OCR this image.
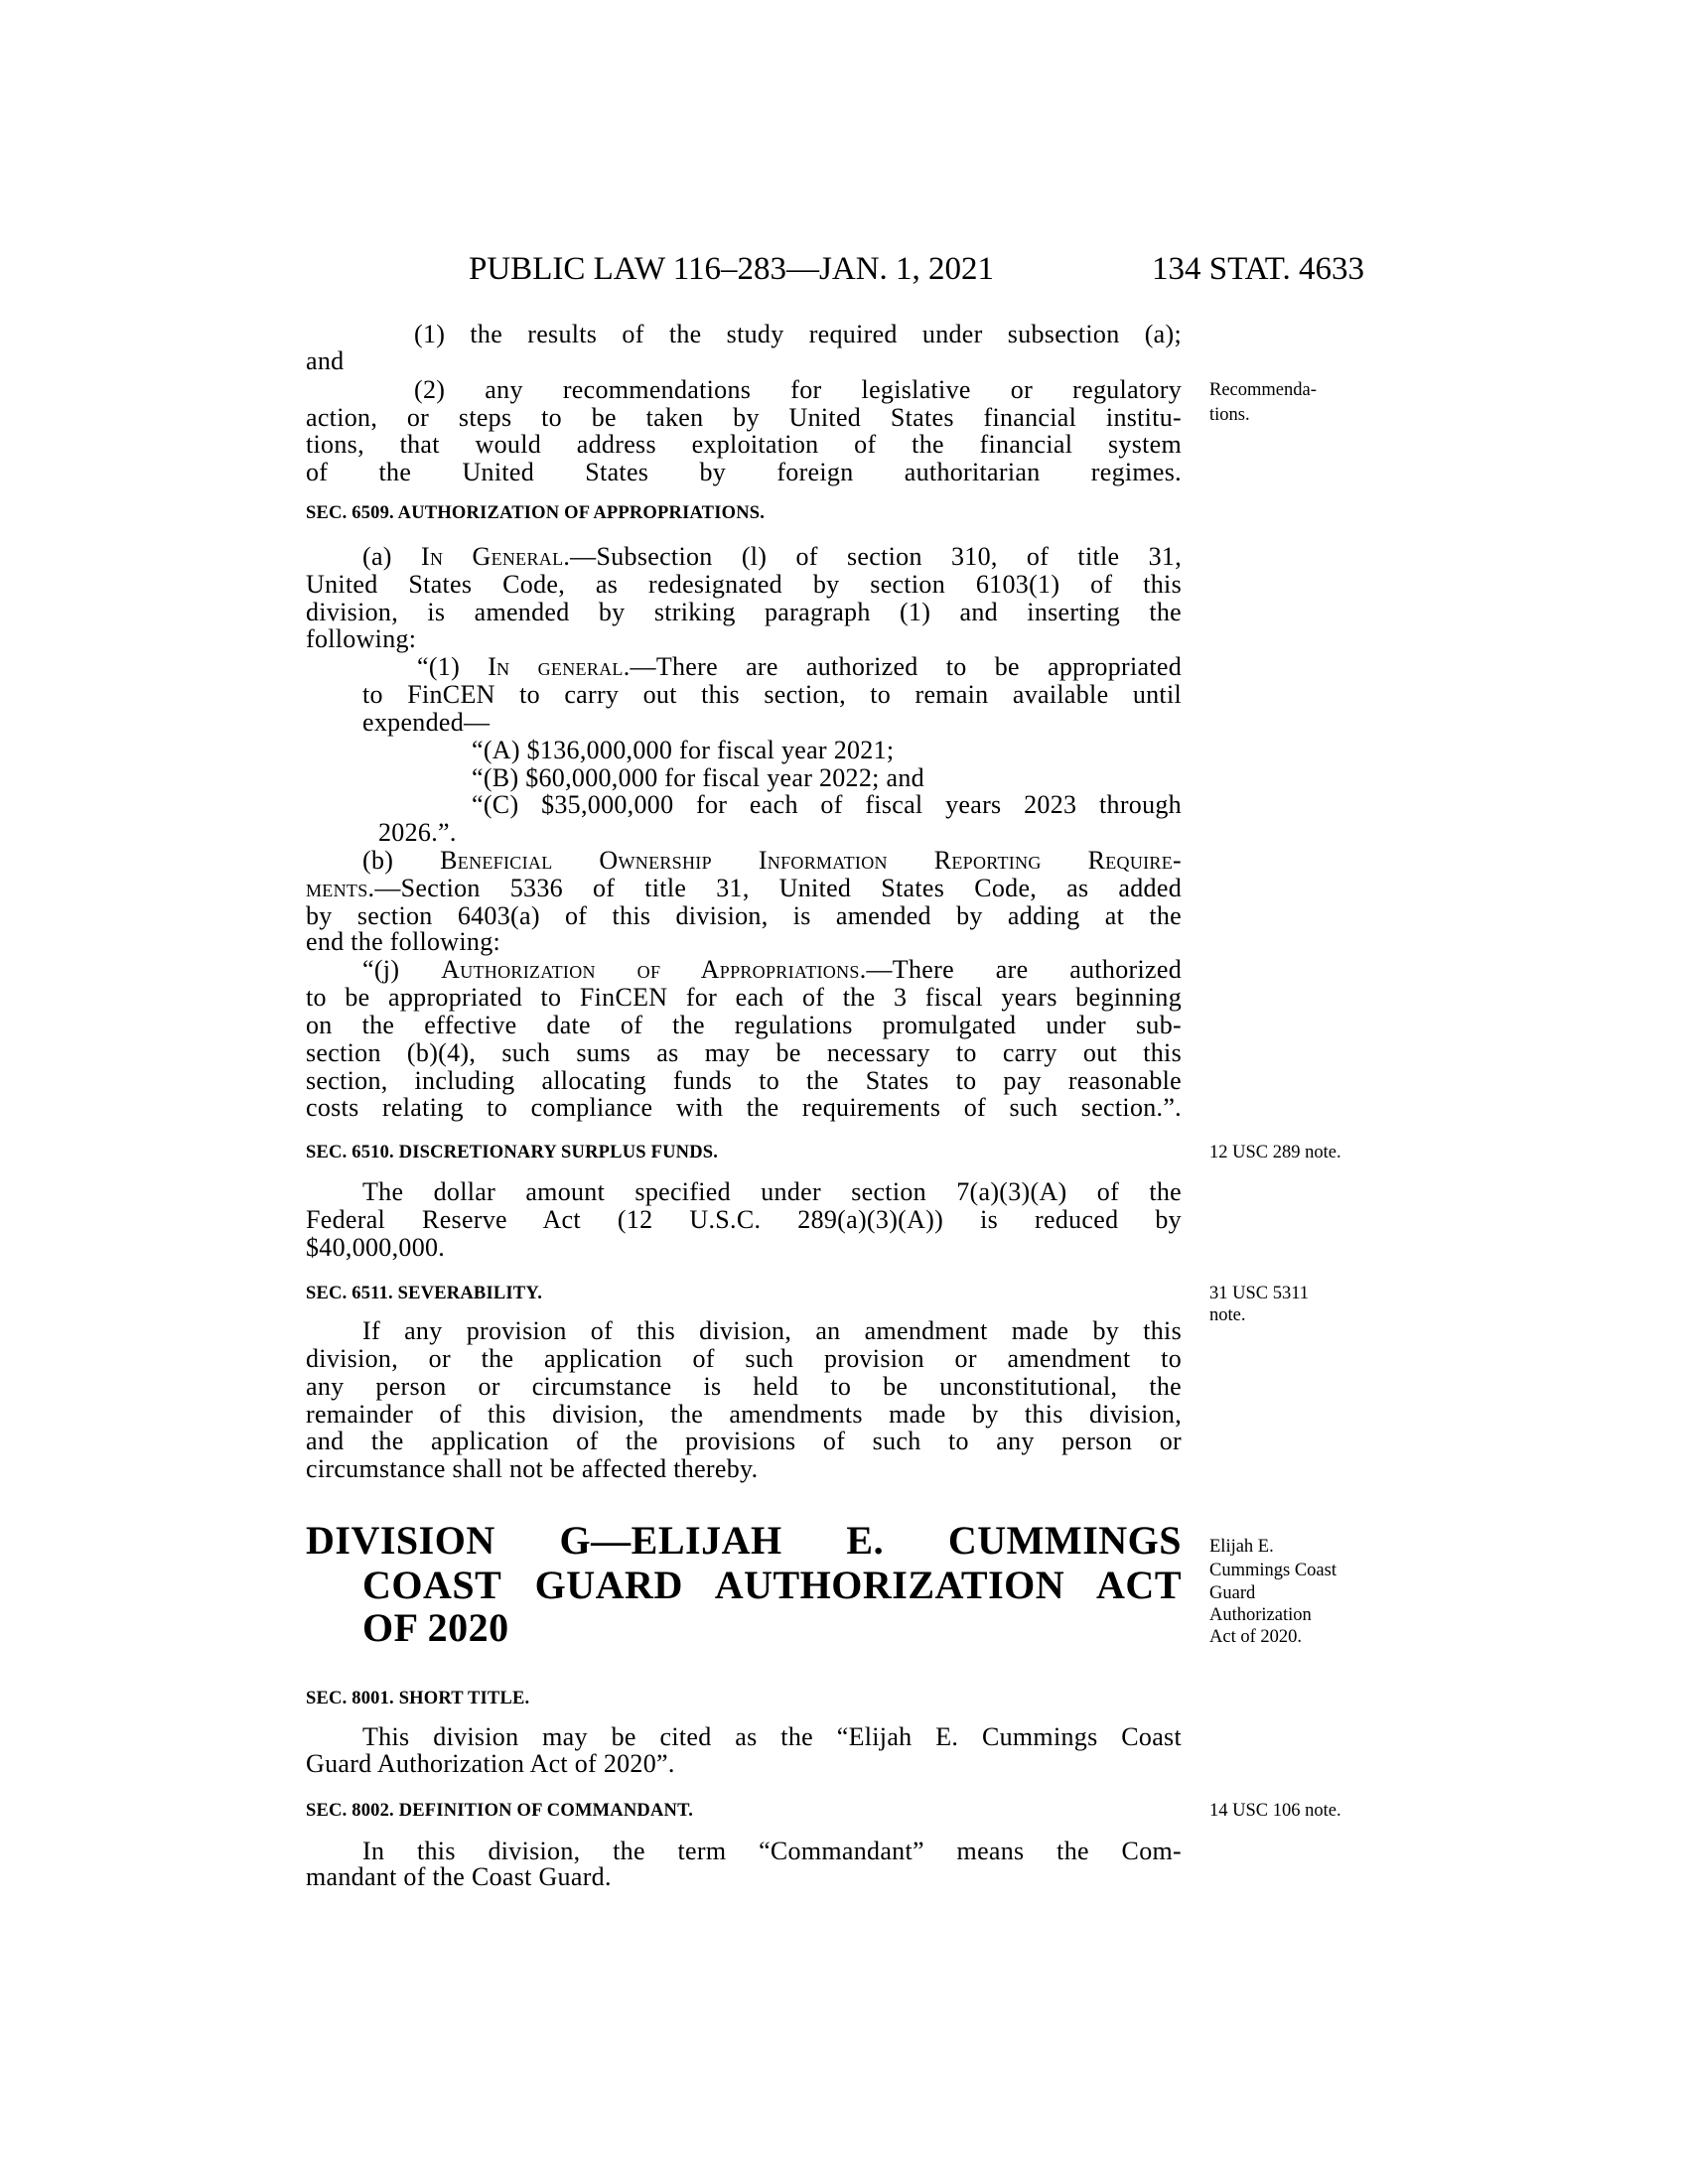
PUBLIC LAW 116–283—JAN. 1, 2021	134 STAT. 4633
(1) the results of the study required under subsection (a);
and
(2) any recommendations for legislative or regulatory
action, or steps to be taken by United States financial institu-
tions, that would address exploitation of the financial system
of the United States by foreign authoritarian regimes.
SEC. 6509. AUTHORIZATION OF APPROPRIATIONS.
(a) In General.—Subsection (l) of section 310, of title 31,
United States Code, as redesignated by section 6103(1) of this
division, is amended by striking paragraph (1) and inserting the
following:
“(1) In general.—There are authorized to be appropriated
to FinCEN to carry out this section, to remain available until
expended—
“(A) $136,000,000 for fiscal year 2021;
“(B) $60,000,000 for fiscal year 2022; and
“(C) $35,000,000 for each of fiscal years 2023 through
2026.”.
(b) Beneficial Ownership Information Reporting Require-
ments.—Section 5336 of title 31, United States Code, as added
by section 6403(a) of this division, is amended by adding at the
end the following:
“(j) Authorization of Appropriations.—There are authorized
to be appropriated to FinCEN for each of the 3 fiscal years beginning
on the effective date of the regulations promulgated under sub-
section (b)(4), such sums as may be necessary to carry out this
section, including allocating funds to the States to pay reasonable
costs relating to compliance with the requirements of such section.”.
SEC. 6510. DISCRETIONARY SURPLUS FUNDS.
The dollar amount specified under section 7(a)(3)(A) of the
Federal Reserve Act (12 U.S.C. 289(a)(3)(A)) is reduced by
$40,000,000.
SEC. 6511. SEVERABILITY.
If any provision of this division, an amendment made by this
division, or the application of such provision or amendment to
any person or circumstance is held to be unconstitutional, the
remainder of this division, the amendments made by this division,
and the application of the provisions of such to any person or
circumstance shall not be affected thereby.
DIVISION G—ELIJAH E. CUMMINGS
COAST GUARD AUTHORIZATION ACT
OF 2020
SEC. 8001. SHORT TITLE.
This division may be cited as the “Elijah E. Cummings Coast
Guard Authorization Act of 2020”.
SEC. 8002. DEFINITION OF COMMANDANT.
In this division, the term “Commandant” means the Com-
mandant of the Coast Guard.
Recommenda-
tions.
12 USC 289 note.
31 USC 5311
note.
Elijah E.
Cummings Coast
Guard
Authorization
Act of 2020.
14 USC 106 note.
